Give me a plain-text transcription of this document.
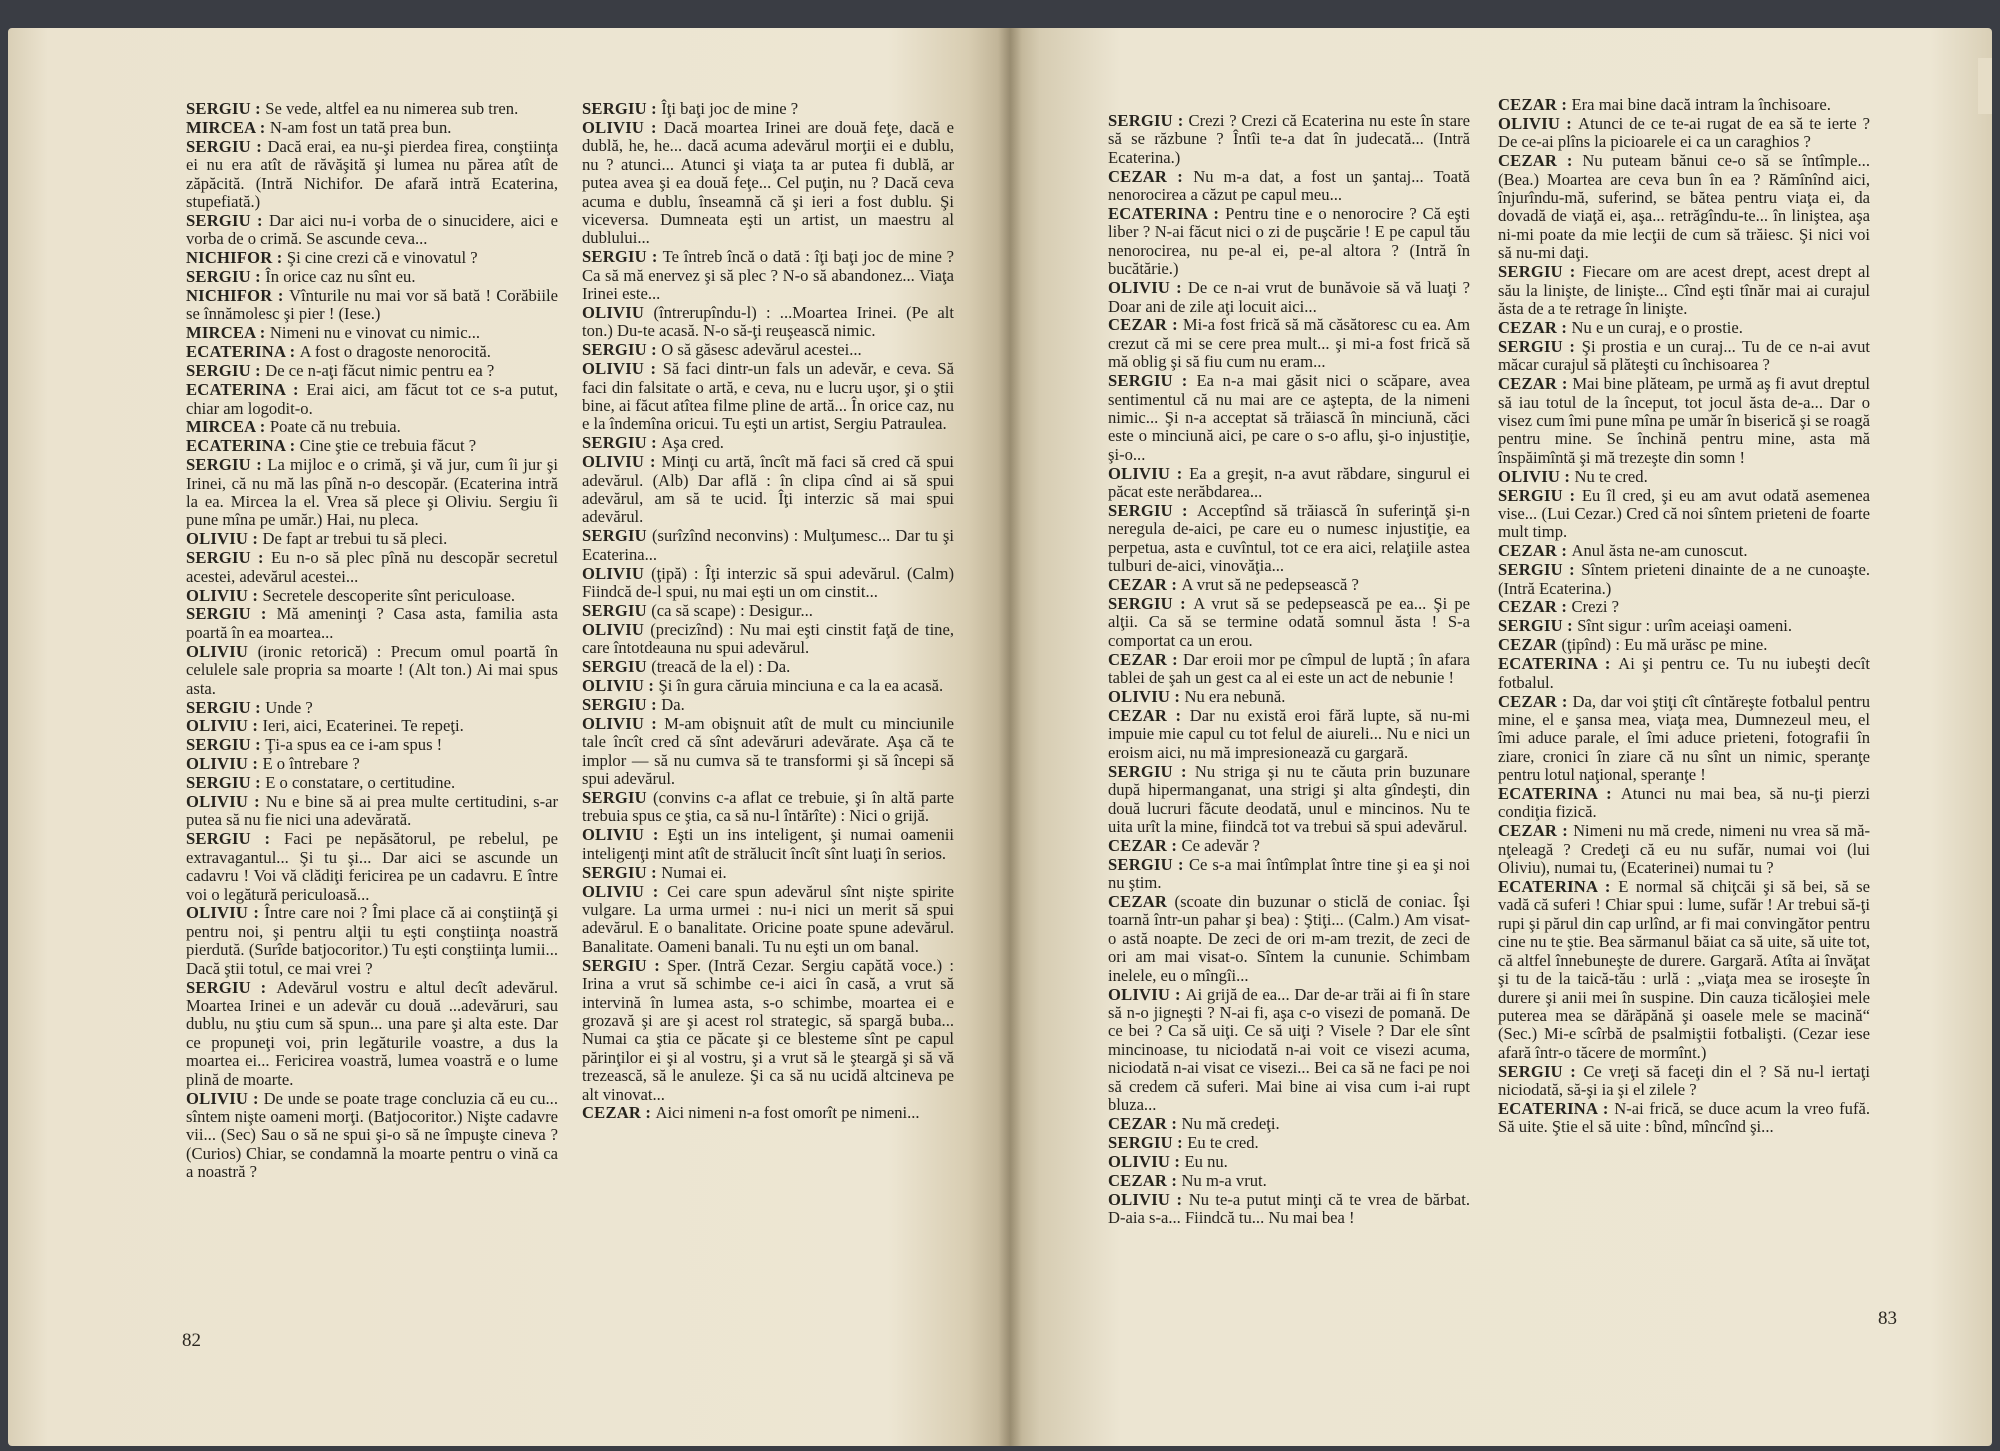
SERGIU : Se vede, altfel ea nu nimerea sub tren.

MIRCEA : N-am fost un tată prea bun.

SERGIU : Dacă erai, ea nu-şi pierdea firea, conştiinţa ei nu era atît de răvăşită şi lumea nu părea atît de zăpăcită. (Intră Nichifor. De afară intră Ecaterina, stupefiată.)

SERGIU : Dar aici nu-i vorba de o sinucidere, aici e vorba de o crimă. Se ascunde ceva...

NICHIFOR : Şi cine crezi că e vinovatul ?

SERGIU : În orice caz nu sînt eu.

NICHIFOR : Vînturile nu mai vor să bată ! Corăbiile se înnămolesc şi pier ! (Iese.)

MIRCEA : Nimeni nu e vinovat cu nimic...

ECATERINA : A fost o dragoste nenorocită.

SERGIU : De ce n-aţi făcut nimic pentru ea ?

ECATERINA : Erai aici, am făcut tot ce s-a putut, chiar am logodit-o.

MIRCEA : Poate că nu trebuia.

ECATERINA : Cine ştie ce trebuia făcut ?

SERGIU : La mijloc e o crimă, şi vă jur, cum îi jur şi Irinei, că nu mă las pînă n-o descopăr. (Ecaterina intră la ea. Mircea la el. Vrea să plece şi Oliviu. Sergiu îi pune mîna pe umăr.) Hai, nu pleca.

OLIVIU : De fapt ar trebui tu să pleci.

SERGIU : Eu n-o să plec pînă nu descopăr secretul acestei, adevărul acestei...

OLIVIU : Secretele descoperite sînt periculoase.

SERGIU : Mă ameninţi ? Casa asta, familia asta poartă în ea moartea...

OLIVIU (ironic retorică) : Precum omul poartă în celulele sale propria sa moarte ! (Alt ton.) Ai mai spus asta.

SERGIU : Unde ?

OLIVIU : Ieri, aici, Ecaterinei. Te repeţi.

SERGIU : Ţi-a spus ea ce i-am spus !

OLIVIU : E o întrebare ?

SERGIU : E o constatare, o certitudine.

OLIVIU : Nu e bine să ai prea multe certitudini, s-ar putea să nu fie nici una adevărată.

SERGIU : Faci pe nepăsătorul, pe rebelul, pe extravagantul... Şi tu şi... Dar aici se ascunde un cadavru ! Voi vă clădiţi fericirea pe un cadavru. E între voi o legătură periculoasă...

OLIVIU : Între care noi ? Îmi place că ai conştiinţă şi pentru noi, şi pentru alţii tu eşti conştiinţa noastră pierdută. (Surîde batjocoritor.) Tu eşti conştiinţa lumii... Dacă ştii totul, ce mai vrei ?

SERGIU : Adevărul vostru e altul decît adevărul. Moartea Irinei e un adevăr cu două ...adevăruri, sau dublu, nu ştiu cum să spun... una pare şi alta este. Dar ce propuneţi voi, prin legăturile voastre, a dus la moartea ei... Fericirea voastră, lumea voastră e o lume plină de moarte.

OLIVIU : De unde se poate trage concluzia că eu cu... sîntem nişte oameni morţi. (Batjocoritor.) Nişte cadavre vii... (Sec) Sau o să ne spui şi-o să ne împuşte cineva ? (Curios) Chiar, se condamnă la moarte pentru o vină ca a noastră ?

SERGIU : Îţi baţi joc de mine ?

OLIVIU : Dacă moartea Irinei are două feţe, dacă e dublă, he, he... dacă acuma adevărul morţii ei e dublu, nu ? atunci... Atunci şi viaţa ta ar putea fi dublă, ar putea avea şi ea două feţe... Cel puţin, nu ? Dacă ceva acuma e dublu, înseamnă că şi ieri a fost dublu. Şi viceversa. Dumneata eşti un artist, un maestru al dublului...

SERGIU : Te întreb încă o dată : îţi baţi joc de mine ? Ca să mă enervez şi să plec ? N-o să abandonez... Viaţa Irinei este...

OLIVIU (întrerupîndu-l) : ...Moartea Irinei. (Pe alt ton.) Du-te acasă. N-o să-ţi reuşească nimic.

SERGIU : O să găsesc adevărul acestei...

OLIVIU : Să faci dintr-un fals un adevăr, e ceva. Să faci din falsitate o artă, e ceva, nu e lucru uşor, şi o ştii bine, ai făcut atîtea filme pline de artă... În orice caz, nu e la îndemîna oricui. Tu eşti un artist, Sergiu Patraulea.

SERGIU : Aşa cred.

OLIVIU : Minţi cu artă, încît mă faci să cred că spui adevărul. (Alb) Dar află : în clipa cînd ai să spui adevărul, am să te ucid. Îţi interzic să mai spui adevărul.

SERGIU (surîzînd neconvins) : Mulţumesc... Dar tu şi Ecaterina...

OLIVIU (ţipă) : Îţi interzic să spui adevărul. (Calm) Fiindcă de-l spui, nu mai eşti un om cinstit...

SERGIU (ca să scape) : Desigur...

OLIVIU (precizînd) : Nu mai eşti cinstit faţă de tine, care întotdeauna nu spui adevărul.

SERGIU (treacă de la el) : Da.

OLIVIU : Şi în gura căruia minciuna e ca la ea acasă.

SERGIU : Da.

OLIVIU : M-am obişnuit atît de mult cu minciunile tale încît cred că sînt adevăruri adevărate. Aşa că te implor — să nu cumva să te transformi şi să începi să spui adevărul.

SERGIU (convins c-a aflat ce trebuie, şi în altă parte trebuia spus ce ştia, ca să nu-l întărîte) : Nici o grijă.

OLIVIU : Eşti un ins inteligent, şi numai oamenii inteligenţi mint atît de strălucit încît sînt luaţi în serios.

SERGIU : Numai ei.

OLIVIU : Cei care spun adevărul sînt nişte spirite vulgare. La urma urmei : nu-i nici un merit să spui adevărul. E o banalitate. Oricine poate spune adevărul. Banalitate. Oameni banali. Tu nu eşti un om banal.

SERGIU : Sper. (Intră Cezar. Sergiu capătă voce.) : Irina a vrut să schimbe ce-i aici în casă, a vrut să intervină în lumea asta, s-o schimbe, moartea ei e grozavă şi are şi acest rol strategic, să spargă buba... Numai ca ştia ce păcate şi ce blesteme sînt pe capul părinţilor ei şi al vostru, şi a vrut să le şteargă şi să vă trezească, să le anuleze. Şi ca să nu ucidă altcineva pe alt vinovat...

CEZAR : Aici nimeni n-a fost omorît pe nimeni...

82

SERGIU : Crezi ? Crezi că Ecaterina nu este în stare să se răzbune ? Întîi te-a dat în judecată... (Intră Ecaterina.)

CEZAR : Nu m-a dat, a fost un şantaj... Toată nenorocirea a căzut pe capul meu...

ECATERINA : Pentru tine e o nenorocire ? Că eşti liber ? N-ai făcut nici o zi de puşcărie ! E pe capul tău nenorocirea, nu pe-al ei, pe-al altora ? (Intră în bucătărie.)

OLIVIU : De ce n-ai vrut de bunăvoie să vă luaţi ? Doar ani de zile aţi locuit aici...

CEZAR : Mi-a fost frică să mă căsătoresc cu ea. Am crezut că mi se cere prea mult... şi mi-a fost frică să mă oblig şi să fiu cum nu eram...

SERGIU : Ea n-a mai găsit nici o scăpare, avea sentimentul că nu mai are ce aştepta, de la nimeni nimic... Şi n-a acceptat să trăiască în minciună, căci este o minciună aici, pe care o s-o aflu, şi-o injustiţie, şi-o...

OLIVIU : Ea a greşit, n-a avut răbdare, singurul ei păcat este nerăbdarea...

SERGIU : Acceptînd să trăiască în suferinţă şi-n neregula de-aici, pe care eu o numesc injustiţie, ea perpetua, asta e cuvîntul, tot ce era aici, relaţiile astea tulburi de-aici, vinovăţia...

CEZAR : A vrut să ne pedepsească ?

SERGIU : A vrut să se pedepsească pe ea... Şi pe alţii. Ca să se termine odată somnul ăsta ! S-a comportat ca un erou.

CEZAR : Dar eroii mor pe cîmpul de luptă ; în afara tablei de şah un gest ca al ei este un act de nebunie !

OLIVIU : Nu era nebună.

CEZAR : Dar nu există eroi fără lupte, să nu-mi impuie mie capul cu tot felul de aiureli... Nu e nici un eroism aici, nu mă impresionează cu gargară.

SERGIU : Nu striga şi nu te căuta prin buzunare după hipermanganat, una strigi şi alta gîndeşti, din două lucruri făcute deodată, unul e mincinos. Nu te uita urît la mine, fiindcă tot va trebui să spui adevărul.

CEZAR : Ce adevăr ?

SERGIU : Ce s-a mai întîmplat între tine şi ea şi noi nu ştim.

CEZAR (scoate din buzunar o sticlă de coniac. Îşi toarnă într-un pahar şi bea) : Ştiţi... (Calm.) Am visat-o astă noapte. De zeci de ori m-am trezit, de zeci de ori am mai visat-o. Sîntem la cununie. Schimbam inelele, eu o mîngîi...

OLIVIU : Ai grijă de ea... Dar de-ar trăi ai fi în stare să n-o jigneşti ? N-ai fi, aşa c-o visezi de pomană. De ce bei ? Ca să uiţi. Ce să uiţi ? Visele ? Dar ele sînt mincinoase, tu niciodată n-ai voit ce visezi acuma, niciodată n-ai visat ce visezi... Bei ca să ne faci pe noi să credem că suferi. Mai bine ai visa cum i-ai rupt bluza...

CEZAR : Nu mă credeţi.

SERGIU : Eu te cred.

OLIVIU : Eu nu.

CEZAR : Nu m-a vrut.

OLIVIU : Nu te-a putut minţi că te vrea de bărbat. D-aia s-a... Fiindcă tu... Nu mai bea !

CEZAR : Era mai bine dacă intram la închisoare.

OLIVIU : Atunci de ce te-ai rugat de ea să te ierte ? De ce-ai plîns la picioarele ei ca un caraghios ?

CEZAR : Nu puteam bănui ce-o să se întîmple... (Bea.) Moartea are ceva bun în ea ? Rămînînd aici, înjurîndu-mă, suferind, se bătea pentru viaţa ei, da dovadă de viaţă ei, aşa... retrăgîndu-te... în liniştea, aşa ni-mi poate da mie lecţii de cum să trăiesc. Şi nici voi să nu-mi daţi.

SERGIU : Fiecare om are acest drept, acest drept al său la linişte, de linişte... Cînd eşti tînăr mai ai curajul ăsta de a te retrage în linişte.

CEZAR : Nu e un curaj, e o prostie.

SERGIU : Şi prostia e un curaj... Tu de ce n-ai avut măcar curajul să plăteşti cu închisoarea ?

CEZAR : Mai bine plăteam, pe urmă aş fi avut dreptul să iau totul de la început, tot jocul ăsta de-a... Dar o visez cum îmi pune mîna pe umăr în biserică şi se roagă pentru mine. Se închină pentru mine, asta mă înspăimîntă şi mă trezeşte din somn !

OLIVIU : Nu te cred.

SERGIU : Eu îl cred, şi eu am avut odată asemenea vise... (Lui Cezar.) Cred că noi sîntem prieteni de foarte mult timp.

CEZAR : Anul ăsta ne-am cunoscut.

SERGIU : Sîntem prieteni dinainte de a ne cunoaşte. (Intră Ecaterina.)

CEZAR : Crezi ?

SERGIU : Sînt sigur : urîm aceiaşi oameni.

CEZAR (ţipînd) : Eu mă urăsc pe mine.

ECATERINA : Ai şi pentru ce. Tu nu iubeşti decît fotbalul.

CEZAR : Da, dar voi ştiţi cît cîntăreşte fotbalul pentru mine, el e şansa mea, viaţa mea, Dumnezeul meu, el îmi aduce parale, el îmi aduce prieteni, fotografii în ziare, cronici în ziare că nu sînt un nimic, speranţe pentru lotul naţional, speranţe !

ECATERINA : Atunci nu mai bea, să nu-ţi pierzi condiţia fizică.

CEZAR : Nimeni nu mă crede, nimeni nu vrea să mă-nţeleagă ? Credeţi că eu nu sufăr, numai voi (lui Oliviu), numai tu, (Ecaterinei) numai tu ?

ECATERINA : E normal să chiţcăi şi să bei, să se vadă că suferi ! Chiar spui : lume, sufăr ! Ar trebui să-ţi rupi şi părul din cap urlînd, ar fi mai convingător pentru cine nu te ştie. Bea sărmanul băiat ca să uite, să uite tot, că altfel înnebuneşte de durere. Gargară. Atîta ai învăţat şi tu de la taică-tău : urlă : „viaţa mea se iroseşte în durere şi anii mei în suspine. Din cauza ticăloşiei mele puterea mea se dărăpănă şi oasele mele se macină“ (Sec.) Mi-e scîrbă de psalmiştii fotbalişti. (Cezar iese afară într-o tăcere de mormînt.)

SERGIU : Ce vreţi să faceţi din el ? Să nu-l iertaţi niciodată, să-şi ia şi el zilele ?

ECATERINA : N-ai frică, se duce acum la vreo fufă. Să uite. Ştie el să uite : bînd, mîncînd şi...

83
